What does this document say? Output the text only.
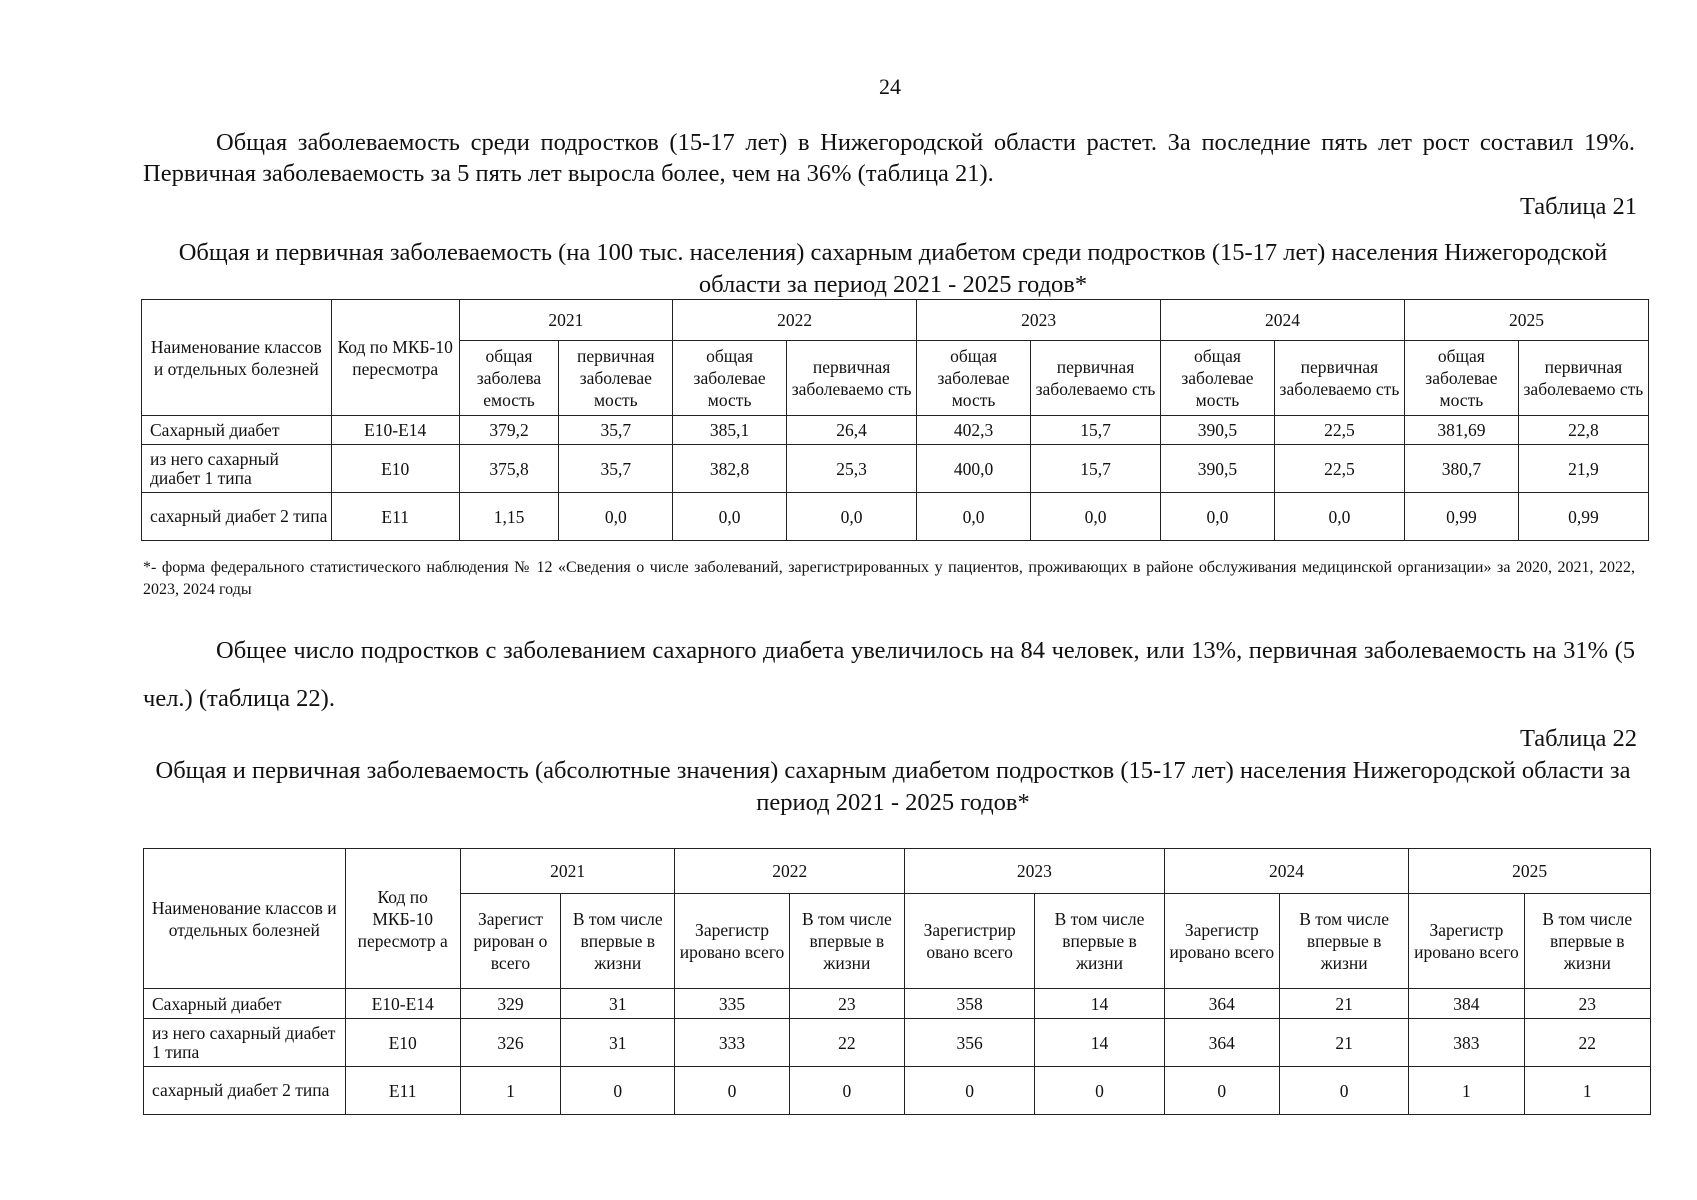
24

Общая заболеваемость среди подростков (15-17 лет) в Нижегородской области растет. За последние пять лет рост составил 19%. Первичная заболеваемость за 5 пять лет выросла более, чем на 36% (таблица 21).

Таблица 21
Общая и первичная заболеваемость (на 100 тыс. населения) сахарным диабетом среди подростков (15-17 лет) населения Нижегородской области за период 2021 - 2025 годов*
Наименование классов и отдельных болезней	Код по МКБ-10 пересмотра	2021		2022		2023		2024		2025	
		общая заболева емость	первичная заболевае мость	общая заболевае мость	первичная заболеваемо сть	общая заболевае мость	первичная заболеваемо сть	общая заболевае мость	первичная заболеваемо сть	общая заболевае мость	первичная заболеваемо сть
Сахарный диабет	Е10-Е14	379,2	35,7	385,1	26,4	402,3	15,7	390,5	22,5	381,69	22,8
из него сахарный диабет 1 типа	Е10	375,8	35,7	382,8	25,3	400,0	15,7	390,5	22,5	380,7	21,9
сахарный диабет 2 типа	Е11	1,15	0,0	0,0	0,0	0,0	0,0	0,0	0,0	0,99	0,99
*- форма федерального статистического наблюдения № 12 «Сведения о числе заболеваний, зарегистрированных у пациентов, проживающих в районе обслуживания медицинской организации» за 2020, 2021, 2022, 2023, 2024 годы

Общее число подростков с заболеванием сахарного диабета увеличилось на 84 человек, или 13%, первичная заболеваемость на 31% (5 чел.) (таблица 22).

Таблица 22
Общая и первичная заболеваемость (абсолютные значения) сахарным диабетом подростков (15-17 лет) населения Нижегородской области за период 2021 - 2025 годов*
Наименование классов и отдельных болезней	Код по МКБ-10 пересмотр а	2021		2022		2023		2024		2025	
		Зарегист рирован о всего	В том числе впервые в жизни	Зарегистр ировано всего	В том числе впервые в жизни	Зарегистрир овано всего	В том числе впервые в жизни	Зарегистр ировано всего	В том числе впервые в жизни	Зарегистр ировано всего	В том числе впервые в жизни
Сахарный диабет	Е10-Е14	329	31	335	23	358	14	364	21	384	23
из него сахарный диабет 1 типа	Е10	326	31	333	22	356	14	364	21	383	22
сахарный диабет 2 типа	Е11	1	0	0	0	0	0	0	0	1	1
